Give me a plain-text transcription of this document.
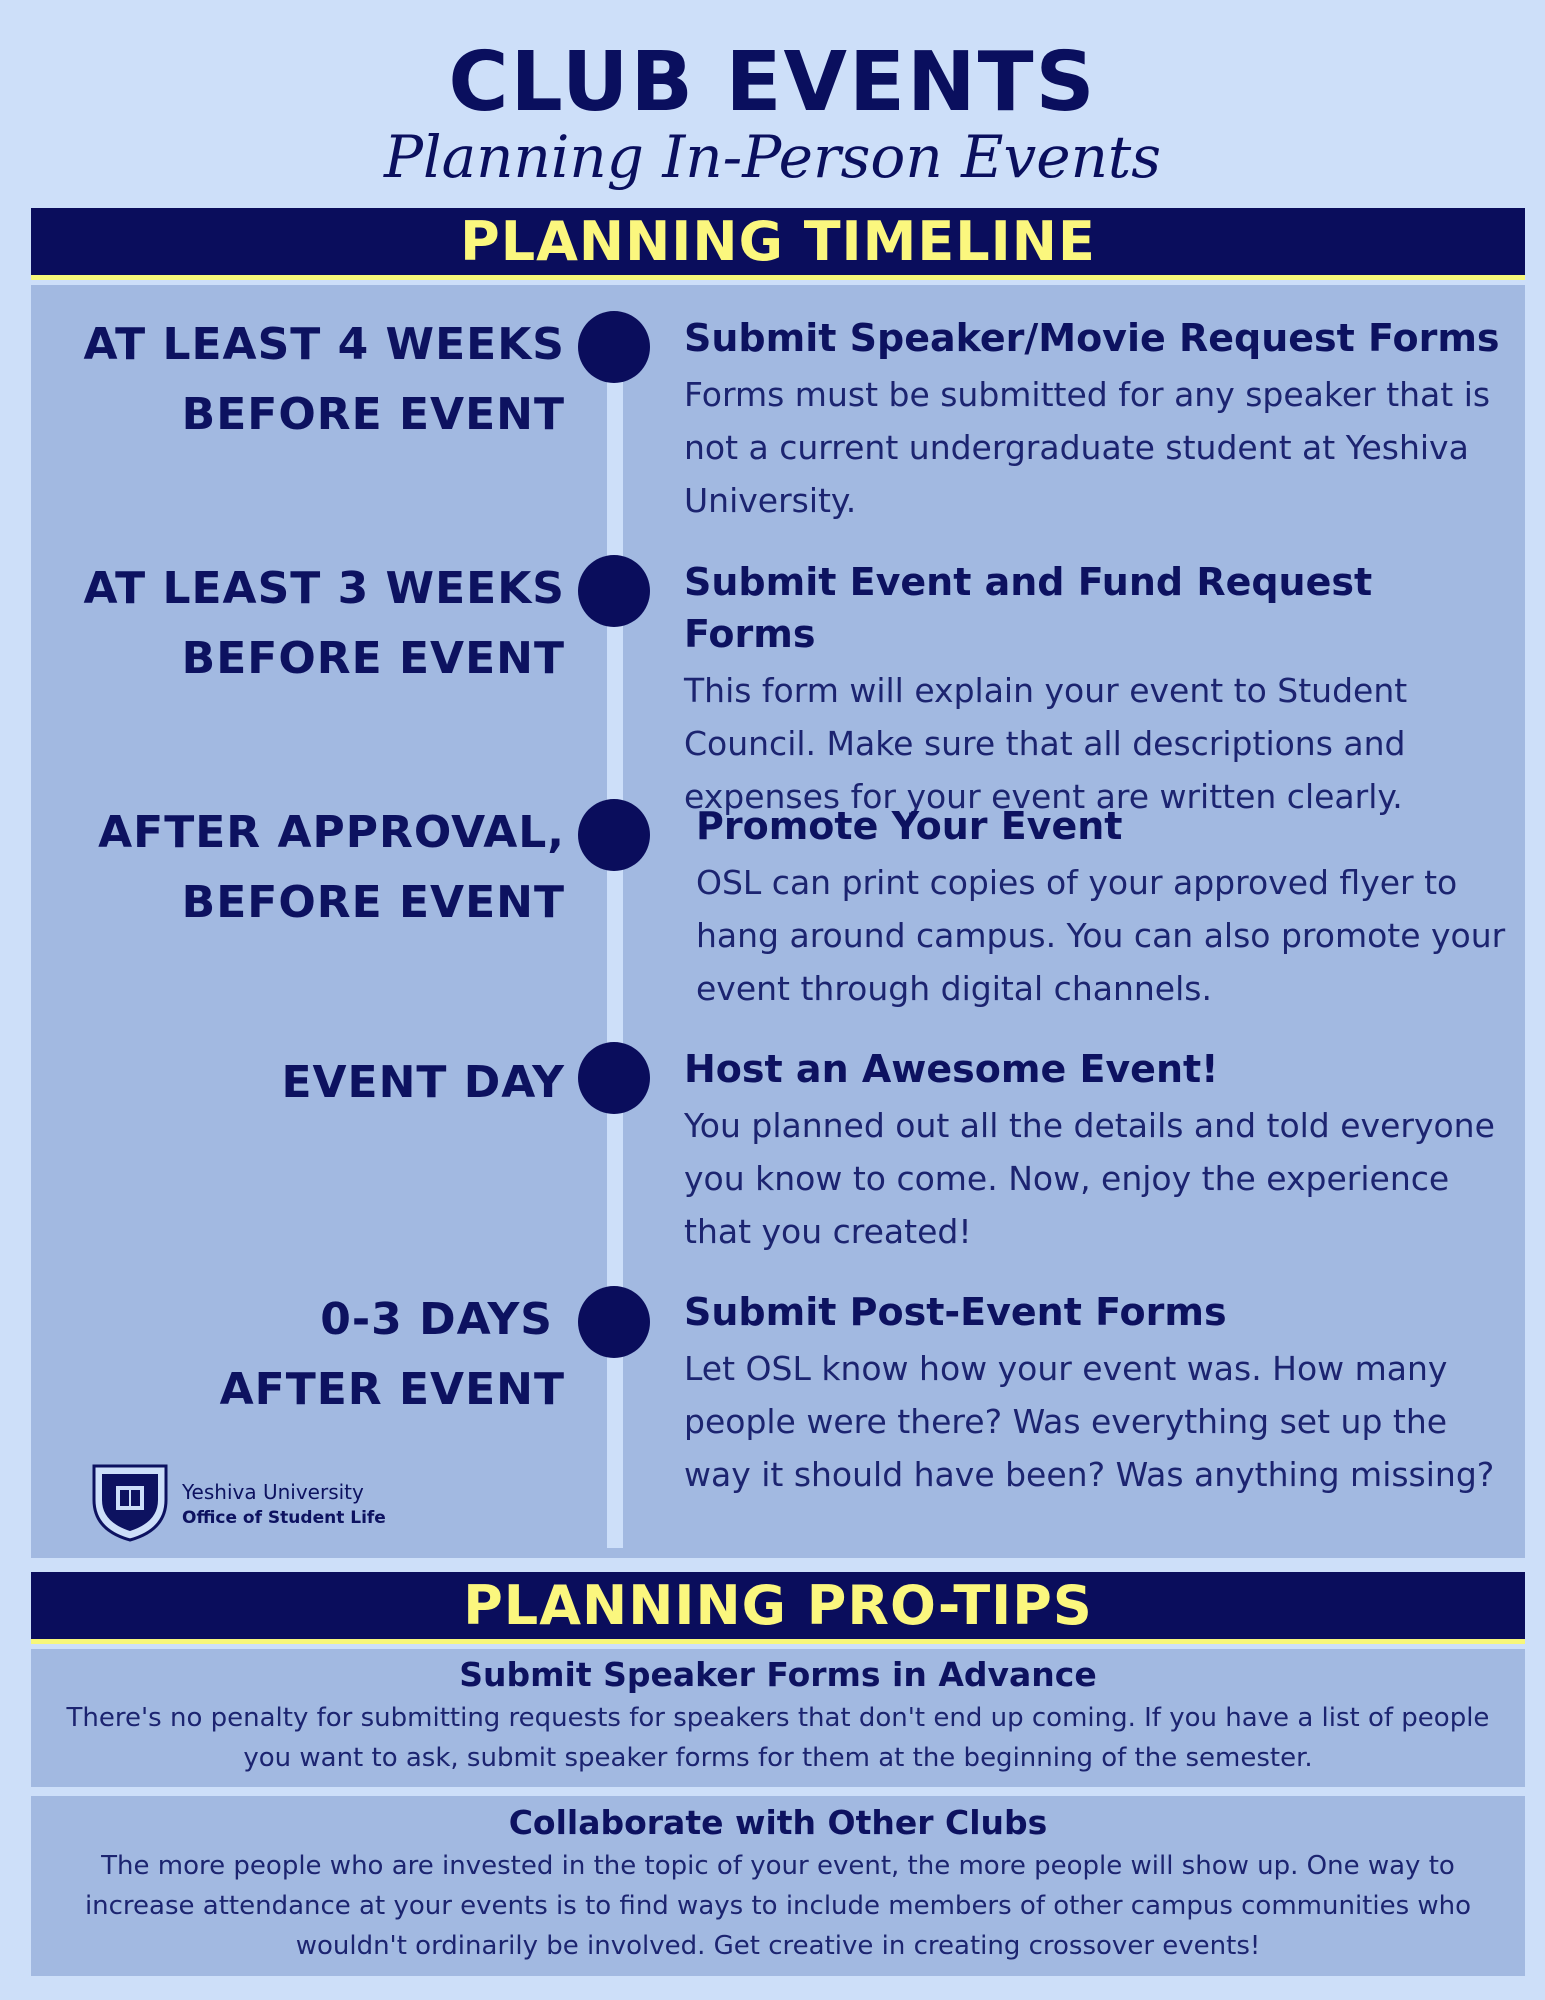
CLUB EVENTS
Planning In-Person Events
PLANNING TIMELINE
AT LEAST 4 WEEKS
BEFORE EVENT
Submit Speaker/Movie Request Forms
Forms must be submitted for any speaker that is not a current undergraduate student at Yeshiva University.
AT LEAST 3 WEEKS
BEFORE EVENT
Submit Event and Fund Request Forms
This form will explain your event to Student Council. Make sure that all descriptions and expenses for your event are written clearly.
AFTER APPROVAL,
BEFORE EVENT
Promote Your Event
OSL can print copies of your approved flyer to hang around campus. You can also promote your event through digital channels.
EVENT DAY	Host an Awesome Event!
You planned out all the details and told everyone you know to come. Now, enjoy the experience that you created!
0-3 DAYS
AFTER EVENT
Submit Post-Event Forms
Let OSL know how your event was. How many people were there? Was everything set up the way it should have been? Was anything missing?
Yeshiva University
Office of Student Life
PLANNING PRO-TIPS
Submit Speaker Forms in Advance
There's no penalty for submitting requests for speakers that don't end up coming. If you have a list of people you want to ask, submit speaker forms for them at the beginning of the semester.
Collaborate with Other Clubs
The more people who are invested in the topic of your event, the more people will show up. One way to increase attendance at your events is to find ways to include members of other campus communities who wouldn't ordinarily be involved. Get creative in creating crossover events!
